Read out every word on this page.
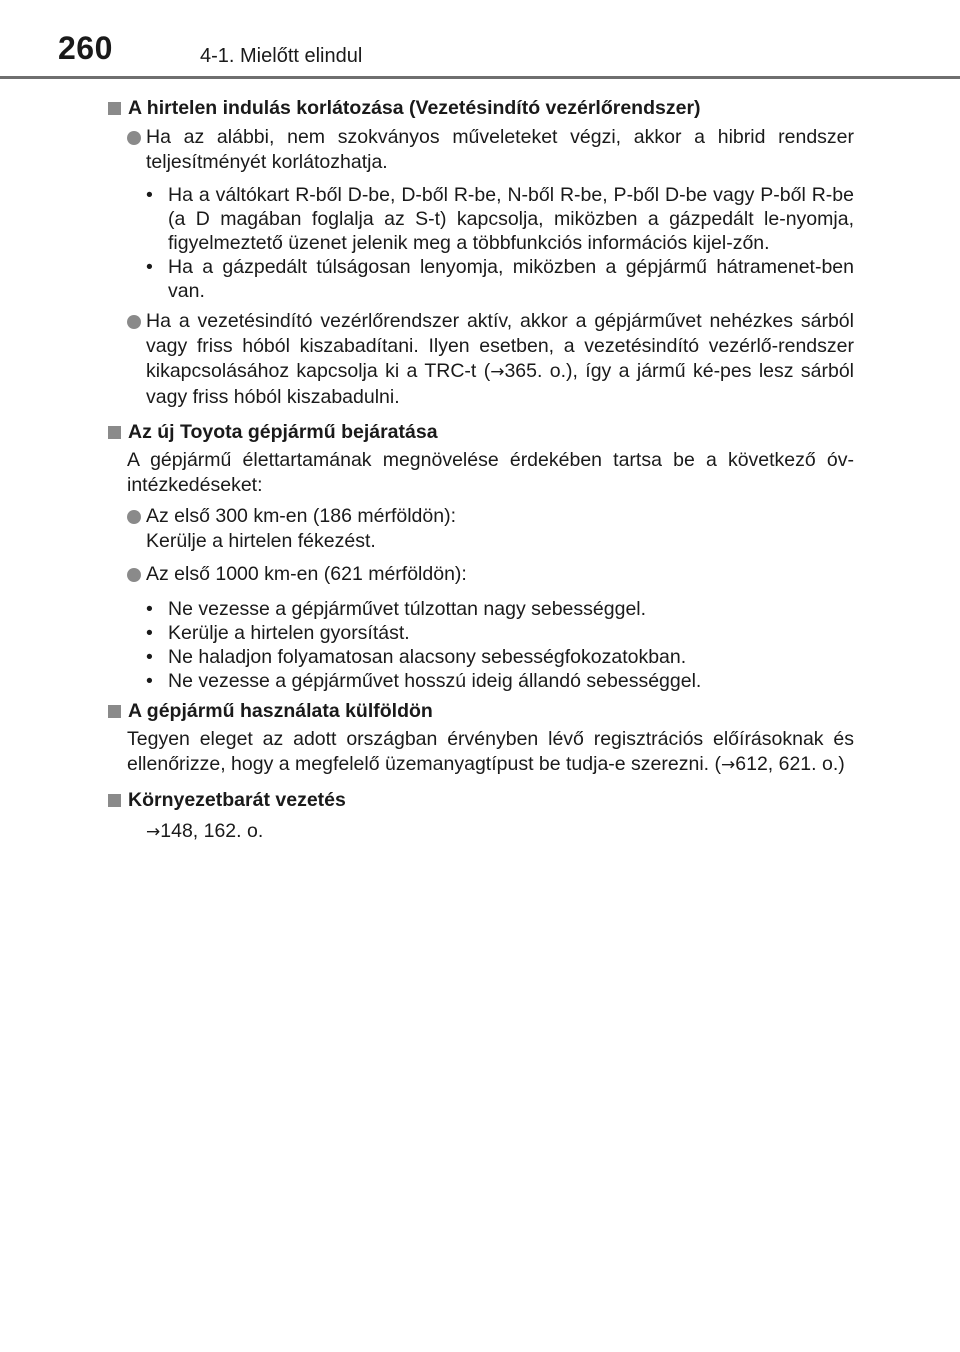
260	4-1. Mielőtt elindul
A hirtelen indulás korlátozása (Vezetésindító vezérlőrendszer)
Ha az alábbi, nem szokványos műveleteket végzi, akkor a hibrid rendszer teljesítményét korlátozhatja.
• Ha a váltókart R-ből D-be, D-ből R-be, N-ből R-be, P-ből D-be vagy P-ből R-be (a D magában foglalja az S-t) kapcsolja, miközben a gázpedált le-nyomja, figyelmeztető üzenet jelenik meg a többfunkciós információs kijel-zőn.
• Ha a gázpedált túlságosan lenyomja, miközben a gépjármű hátramenet-ben van.
Ha a vezetésindító vezérlőrendszer aktív, akkor a gépjárművet nehézkes sárból vagy friss hóból kiszabadítani. Ilyen esetben, a vezetésindító vezérlő-rendszer kikapcsolásához kapcsolja ki a TRC-t (→365. o.), így a jármű ké-pes lesz sárból vagy friss hóból kiszabadulni.
Az új Toyota gépjármű bejáratása
A gépjármű élettartamának megnövelése érdekében tartsa be a következő óv-intézkedéseket:
Az első 300 km-en (186 mérföldön):
Kerülje a hirtelen fékezést.
Az első 1000 km-en (621 mérföldön):
• Ne vezesse a gépjárművet túlzottan nagy sebességgel.
• Kerülje a hirtelen gyorsítást.
• Ne haladjon folyamatosan alacsony sebességfokozatokban.
• Ne vezesse a gépjárművet hosszú ideig állandó sebességgel.
A gépjármű használata külföldön
Tegyen eleget az adott országban érvényben lévő regisztrációs előírásoknak és ellenőrizze, hogy a megfelelő üzemanyagtípust be tudja-e szerezni. (→612, 621. o.)
Környezetbarát vezetés
→148, 162. o.
